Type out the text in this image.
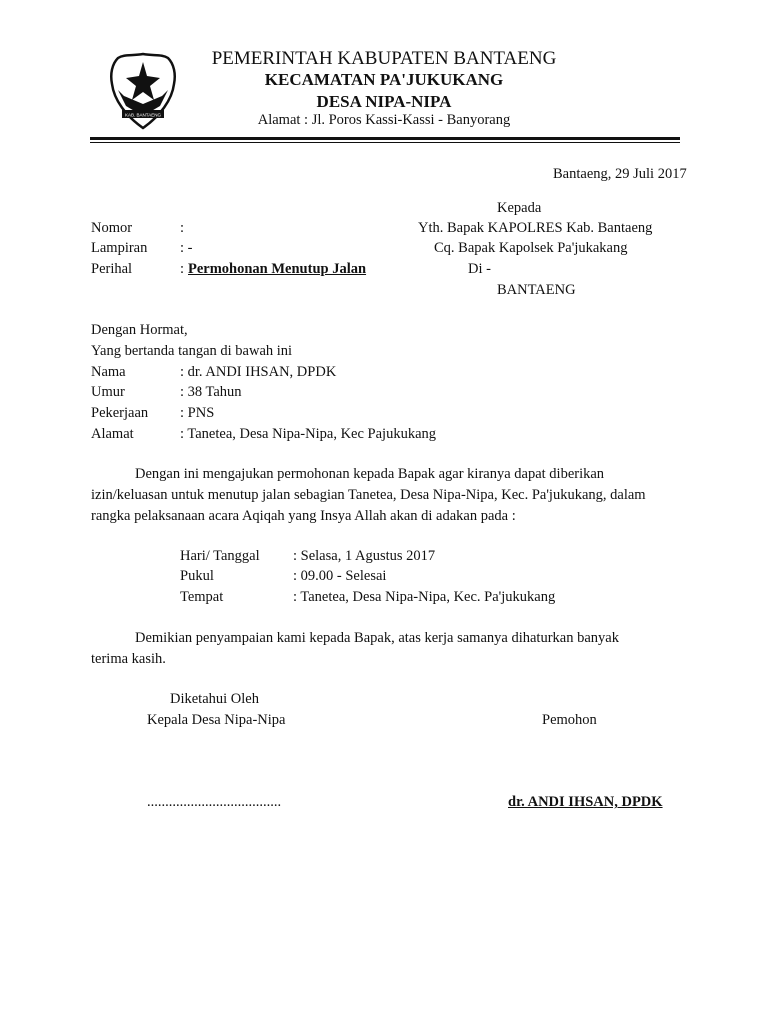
KAB. BANTAENG
PEMERINTAH KABUPATEN BANTAENG
KECAMATAN PA'JUKUKANG
DESA NIPA-NIPA
Alamat : Jl. Poros Kassi-Kassi - Banyorang
Bantaeng, 29 Juli 2017
Kepada
Yth. Bapak KAPOLRES Kab. Bantaeng
Cq. Bapak Kapolsek Pa'jukakang
Di -
BANTAENG
Nomor	:
Lampiran : -
Perihal	: Permohonan Menutup Jalan
Dengan Hormat,
Yang bertanda tangan di bawah ini
Nama	: dr. ANDI IHSAN, DPDK
Umur	: 38 Tahun
Pekerjaan : PNS
Alamat	: Tanetea, Desa Nipa-Nipa, Kec Pajukukang
Dengan ini mengajukan permohonan kepada Bapak agar kiranya dapat diberikan
izin/keluasan untuk menutup jalan sebagian Tanetea, Desa Nipa-Nipa, Kec. Pa'jukukang, dalam
rangka pelaksanaan acara Aqiqah yang Insya Allah akan di adakan pada :
Hari/ Tanggal : Selasa, 1 Agustus 2017
Pukul	: 09.00 - Selesai
Tempat	: Tanetea, Desa Nipa-Nipa, Kec. Pa'jukukang
Demikian penyampaian kami kepada Bapak, atas kerja samanya dihaturkan banyak
terima kasih.
Diketahui Oleh
Kepala Desa Nipa-Nipa	Pemohon
.....................................	dr. ANDI IHSAN, DPDK
